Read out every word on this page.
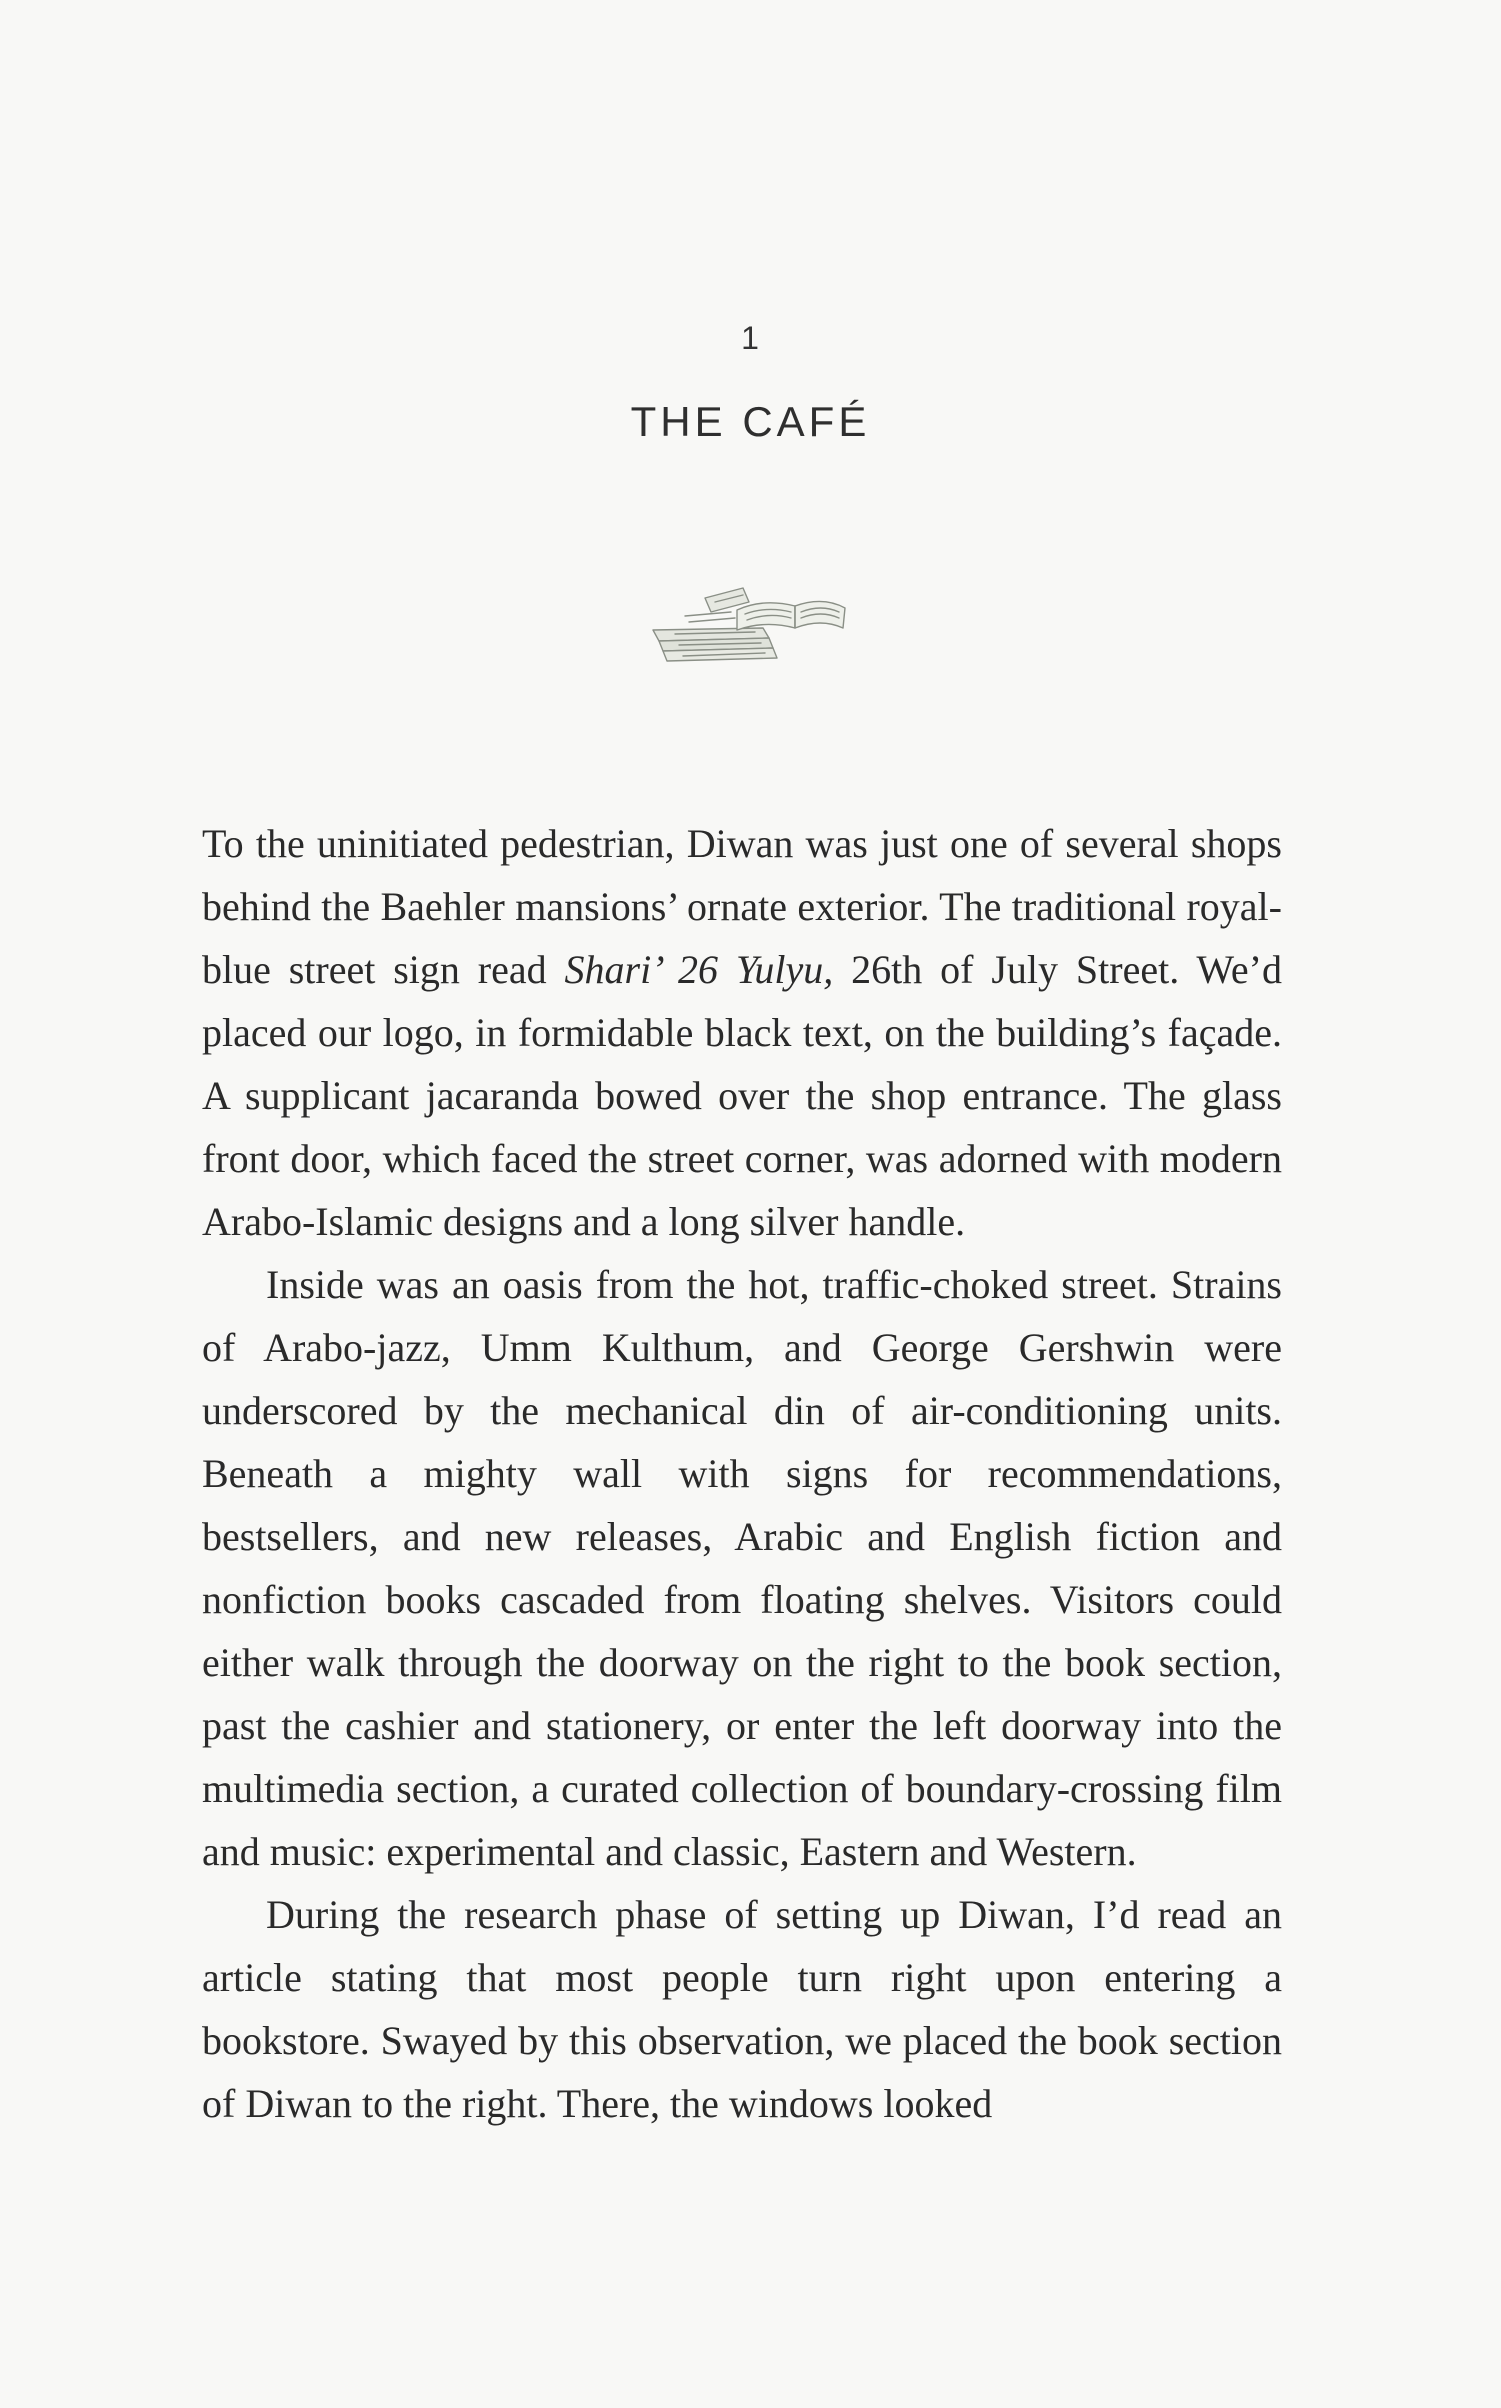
1
THE CAFÉ

To the uninitiated pedestrian, Diwan was just one of several shops behind the Baehler mansions’ ornate exterior. The traditional royal-blue street sign read Shari’ 26 Yulyu, 26th of July Street. We’d placed our logo, in formidable black text, on the building’s façade. A supplicant jacaranda bowed over the shop entrance. The glass front door, which faced the street corner, was adorned with modern Arabo-Islamic designs and a long silver handle.

Inside was an oasis from the hot, traffic-choked street. Strains of Arabo-jazz, Umm Kulthum, and George Gershwin were underscored by the mechanical din of air-conditioning units. Beneath a mighty wall with signs for recommendations, bestsellers, and new releases, Arabic and English fiction and nonfiction books cascaded from floating shelves. Visitors could either walk through the doorway on the right to the book section, past the cashier and stationery, or enter the left doorway into the multimedia section, a curated collection of boundary-crossing film and music: experimental and classic, Eastern and Western.

During the research phase of setting up Diwan, I’d read an article stating that most people turn right upon entering a bookstore. Swayed by this observation, we placed the book section of Diwan to the right. There, the windows looked
